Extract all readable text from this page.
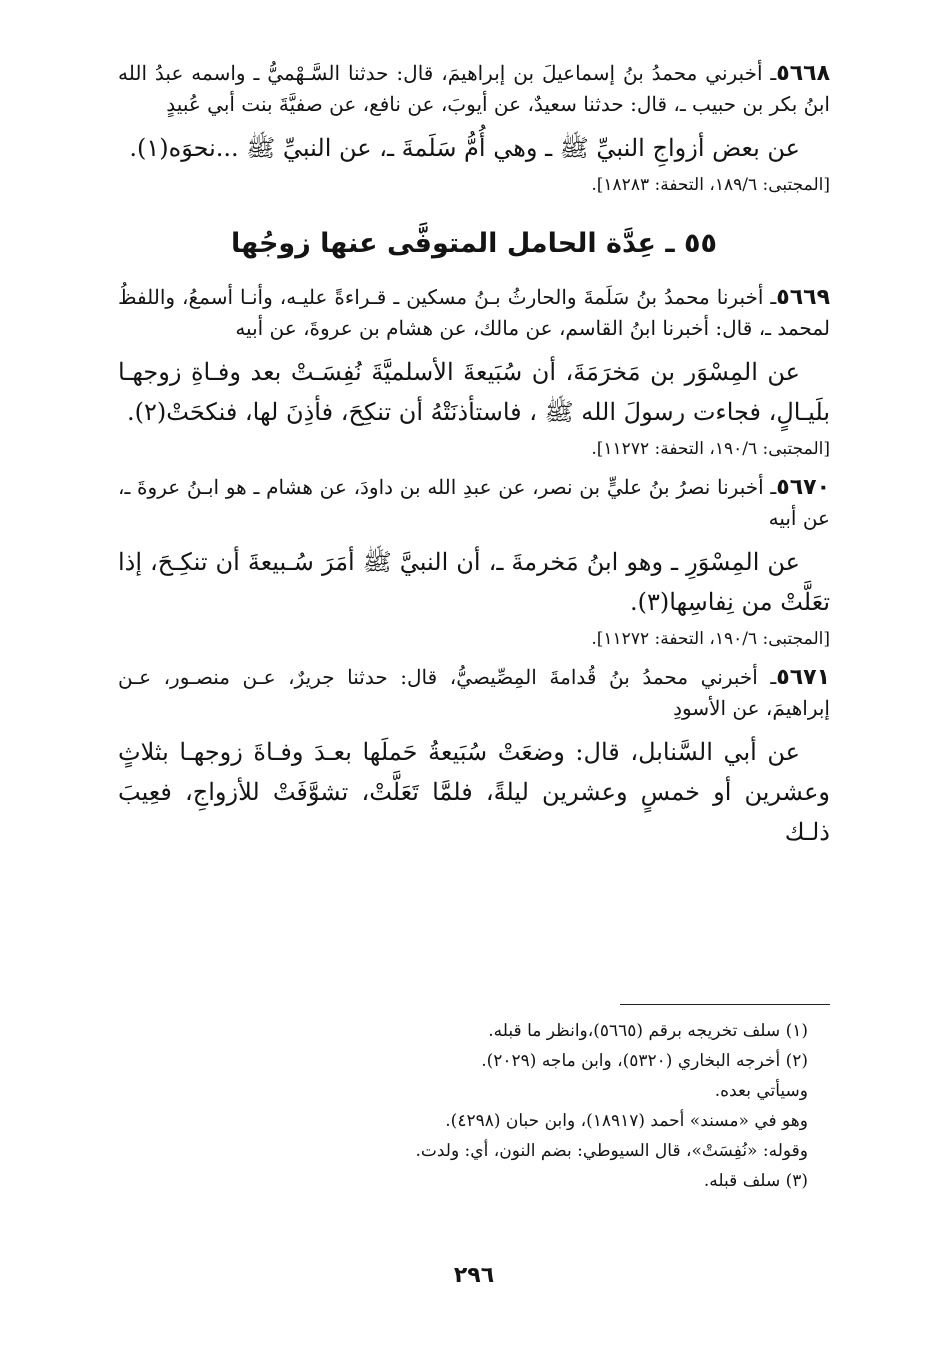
٥٦٦٨ـ أخبرني محمدُ بنُ إسماعيلَ بن إبراهيمَ، قال: حدثنا السَّـهْميُّ ـ واسمه عبدُ الله ابنُ بكر بن حبيب ـ، قال: حدثنا سعيدٌ، عن أيوبَ، عن نافع، عن صفيَّةَ بنت أبي عُبيدٍ

عن بعض أزواجِ النبيِّ ﷺ ـ وهي أُمُّ سَلَمةَ ـ، عن النبيِّ ﷺ ...نحوَه(١).

[المجتبى: ١٨٩/٦، التحفة: ١٨٢٨٣].

٥٥ ـ عِدَّة الحامل المتوفَّى عنها زوجُها

٥٦٦٩ـ أخبرنا محمدُ بنُ سَلَمةَ والحارثُ بـنُ مسكين ـ قـراءةً عليـه، وأنـا أسمعُ، واللفظُ لمحمد ـ، قال: أخبرنا ابنُ القاسم، عن مالك، عن هشام بن عروةَ، عن أبيه

عن المِسْوَر بن مَخرَمَةَ، أن سُبَيعةَ الأسلميَّةَ نُفِسَـتْ بعد وفـاةِ زوجهـا بلَيـالٍ، فجاءت رسولَ الله ﷺ ، فاستأذنَتْهُ أن تنكِحَ، فأذِنَ لها، فنكحَتْ(٢).

[المجتبى: ١٩٠/٦، التحفة: ١١٢٧٢].

٥٦٧٠ـ أخبرنا نصرُ بنُ عليٍّ بن نصر، عن عبدِ الله بن داودَ، عن هشام ـ هو ابـنُ عروةَ ـ، عن أبيه

عن المِسْوَرِ ـ وهو ابنُ مَخرمةَ ـ، أن النبيَّ ﷺ أمَرَ سُـبيعةَ أن تنكِـحَ، إذا تعَلَّتْ من نِفاسِها(٣).

[المجتبى: ١٩٠/٦، التحفة: ١١٢٧٢].

٥٦٧١ـ أخبرني محمدُ بنُ قُدامةَ المِصِّيصيُّ، قال: حدثنا جريرٌ، عـن منصـور، عـن إبراهيمَ، عن الأسودِ

عن أبي السَّنابل، قال: وضعَتْ سُبَيعةُ حَملَها بعـدَ وفـاةَ زوجهـا بثلاثٍ وعشرين أو خمسٍ وعشرين ليلةً، فلمَّا تَعَلَّتْ، تشوَّفَتْ للأزواجِ، فعِيبَ ذلـك

(١) سلف تخريجه برقم (٥٦٦٥)،وانظر ما قبله.
(٢) أخرجه البخاري (٥٣٢٠)، وابن ماجه (٢٠٢٩).
وسيأتي بعده.
وهو في «مسند» أحمد (١٨٩١٧)، وابن حبان (٤٢٩٨).
وقوله: «نُفِسَتْ»، قال السيوطي: بضم النون، أي: ولدت.
(٣) سلف قبله.
٢٩٦
